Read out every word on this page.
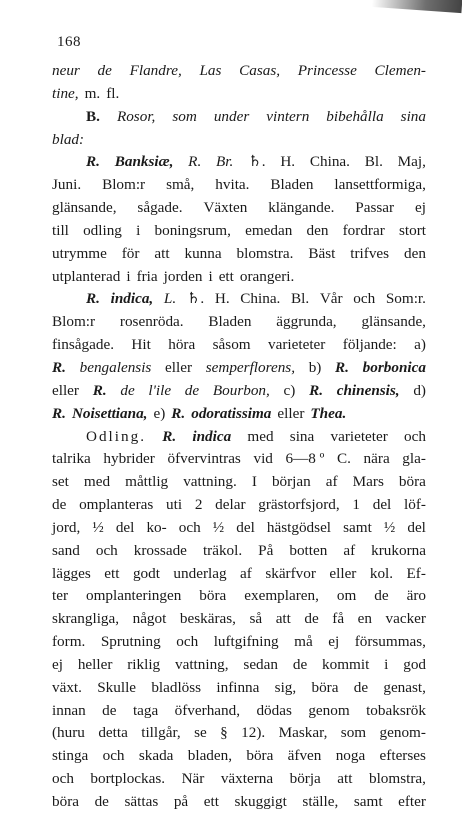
168
neur de Flandre, Las Casas, Princesse Clemen-
tine, m. fl.
B. Rosor, som under vintern bibehålla sina
blad:
R. Banksiæ, R. Br. ♄. H. China. Bl. Maj,
Juni. Blom:r små, hvita. Bladen lansettformiga,
glänsande, sågade. Växten klängande. Passar ej
till odling i boningsrum, emedan den fordrar stort
utrymme för att kunna blomstra. Bäst trifves den
utplanterad i fria jorden i ett orangeri.
R. indica, L. ♄. H. China. Bl. Vår och Som:r.
Blom:r rosenröda. Bladen äggrunda, glänsande,
finsågade. Hit höra såsom varieteter följande: a)
R. bengalensis eller semperflorens, b) R. borbonica
eller R. de l'ile de Bourbon, c) R. chinensis, d)
R. Noisettiana, e) R. odoratissima eller Thea.
Odling. R. indica med sina varieteter och
talrika hybrider öfvervintras vid 6—8 º C. nära gla-
set med måttlig vattning. I början af Mars böra
de omplanteras uti 2 delar grästorfsjord, 1 del löf-
jord, ½ del ko- och ½ del hästgödsel samt ½ del
sand och krossade träkol. På botten af krukorna
lägges ett godt underlag af skärfvor eller kol. Ef-
ter omplanteringen böra exemplaren, om de äro
skrangliga, något beskäras, så att de få en vacker
form. Sprutning och luftgifning må ej försummas,
ej heller riklig vattning, sedan de kommit i god
växt. Skulle bladlöss infinna sig, böra de genast,
innan de taga öfverhand, dödas genom tobaksrök
(huru detta tillgår, se § 12). Maskar, som genom-
stinga och skada bladen, böra äfven noga efterses
och bortplockas. När växterna börja att blomstra,
böra de sättas på ett skuggigt ställe, samt efter
